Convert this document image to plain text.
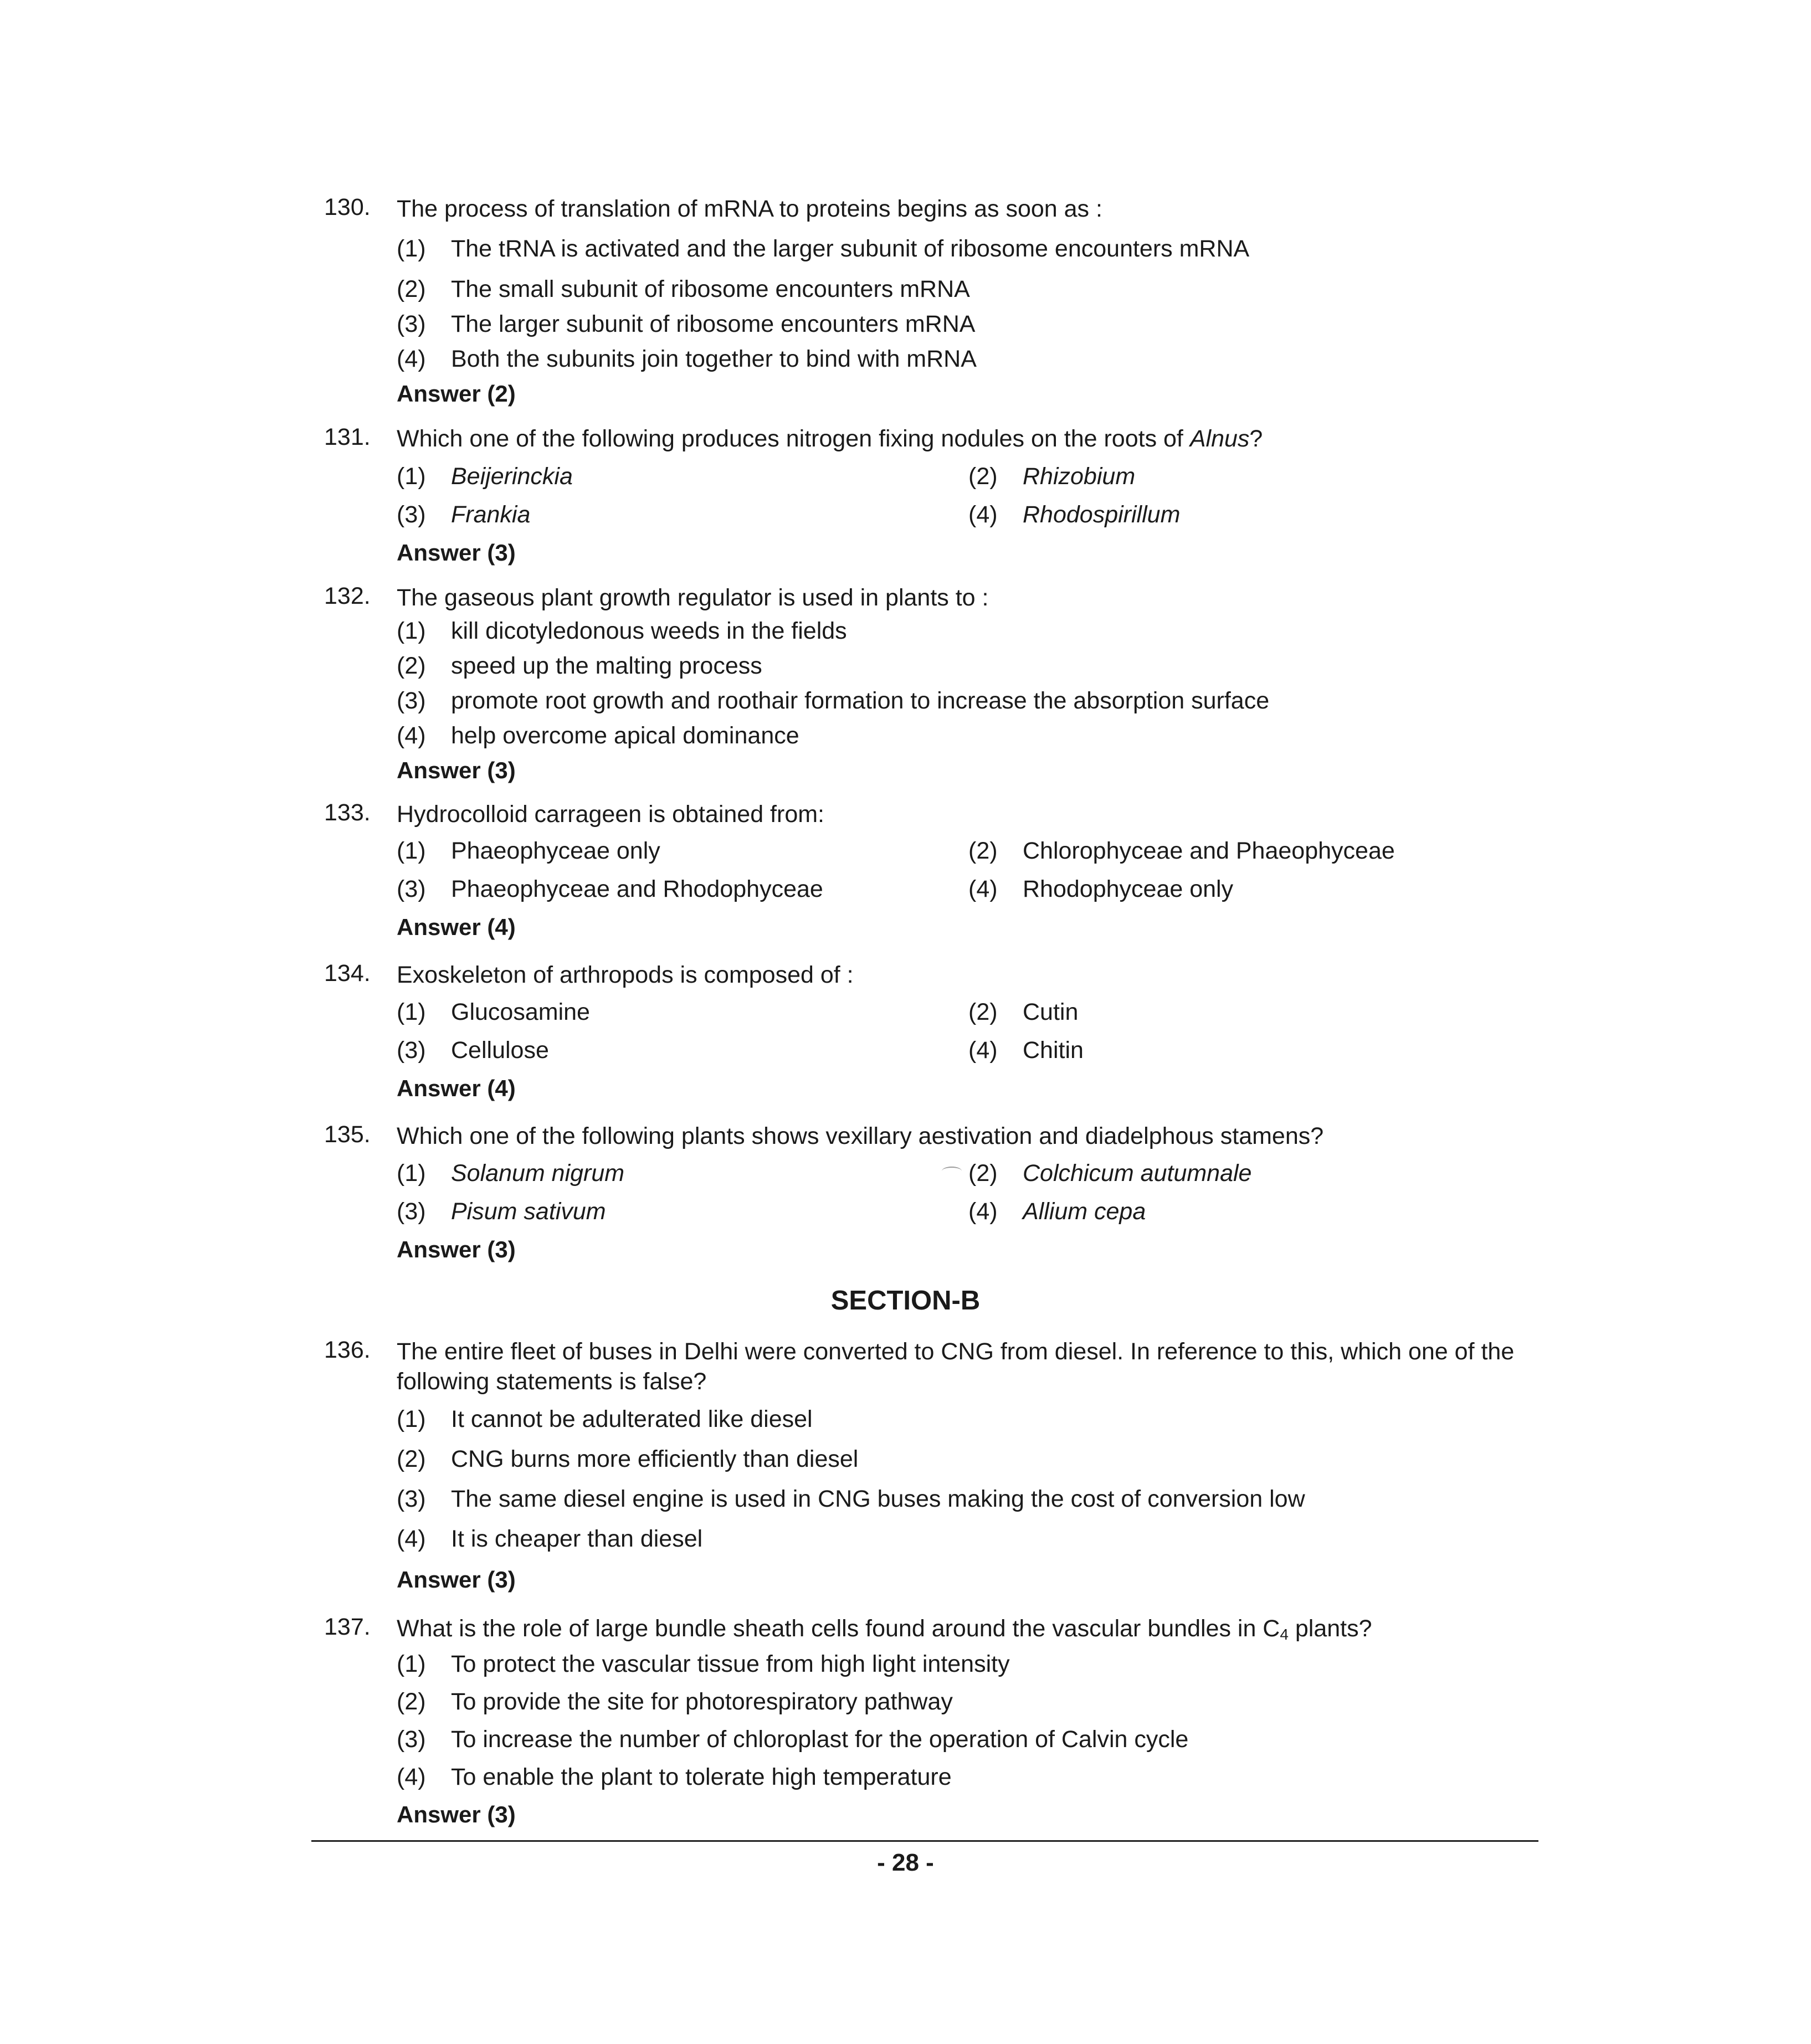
130. The process of translation of mRNA to proteins begins as soon as :
(1) The tRNA is activated and the larger subunit of ribosome encounters mRNA
(2) The small subunit of ribosome encounters mRNA
(3) The larger subunit of ribosome encounters mRNA
(4) Both the subunits join together to bind with mRNA
Answer (2)
131. Which one of the following produces nitrogen fixing nodules on the roots of Alnus?
(1) Beijerinckia	(2) Rhizobium
(3) Frankia	(4) Rhodospirillum
Answer (3)
132. The gaseous plant growth regulator is used in plants to :
(1) kill dicotyledonous weeds in the fields
(2) speed up the malting process
(3) promote root growth and roothair formation to increase the absorption surface
(4) help overcome apical dominance
Answer (3)
133. Hydrocolloid carrageen is obtained from:
(1) Phaeophyceae only	(2) Chlorophyceae and Phaeophyceae
(3) Phaeophyceae and Rhodophyceae	(4) Rhodophyceae only
Answer (4)
134. Exoskeleton of arthropods is composed of :
(1) Glucosamine	(2) Cutin
(3) Cellulose	(4) Chitin
Answer (4)
135. Which one of the following plants shows vexillary aestivation and diadelphous stamens?
(1) Solanum nigrum	(2) Colchicum autumnale
(3) Pisum sativum	(4) Allium cepa
Answer (3)
SECTION-B
136. The entire fleet of buses in Delhi were converted to CNG from diesel. In reference to this, which one of the following statements is false?
(1) It cannot be adulterated like diesel
(2) CNG burns more efficiently than diesel
(3) The same diesel engine is used in CNG buses making the cost of conversion low
(4) It is cheaper than diesel
Answer (3)
137. What is the role of large bundle sheath cells found around the vascular bundles in $C_4$ plants?
(1) To protect the vascular tissue from high light intensity
(2) To provide the site for photorespiratory pathway
(3) To increase the number of chloroplast for the operation of Calvin cycle
(4) To enable the plant to tolerate high temperature
Answer (3)
- 28 -
